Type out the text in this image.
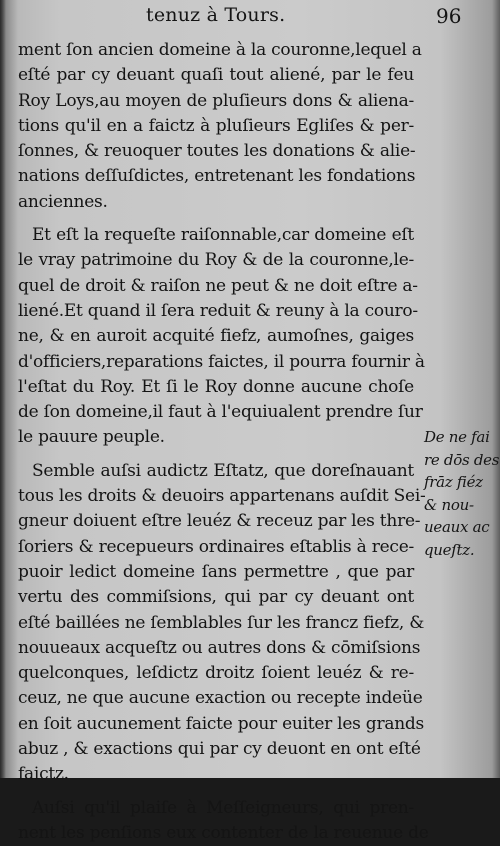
tenuz à Tours.	96
ment ſon ancien domeine à la couronne,lequel a
eſté par cy deuant quaſi tout aliené, par le feu
Roy Loys,au moyen de pluſieurs dons & aliena-
tions qu'il en a faictz à pluſieurs Egliſes & per-
ſonnes, & reuoquer toutes les donations & alie-
nations deſſuſdictes, entretenant les fondations
anciennes.
Et eſt la requeſte raiſonnable,car domeine eſt
le vray patrimoine du Roy & de la couronne,le-
quel de droit & raiſon ne peut & ne doit eſtre a-
liené.Et quand il ſera reduit & reuny à la couro-
ne, & en auroit acquité fiefz, aumoſnes, gaiges
d'officiers,reparations faictes, il pourra fournir à
l'eſtat du Roy. Et ſi le Roy donne aucune choſe
de ſon domeine,il faut à l'equiualent prendre ſur
le pauure peuple.
Semble auſsi audictz Eſtatz, que doreſnauant
tous les droits & deuoirs appartenans auſdit Sei-
gneur doiuent eſtre leuéz & receuz par les thre-
ſoriers & recepueurs ordinaires eſtablis à rece-
puoir ledict domeine ſans permettre , que par
vertu des commiſsions, qui par cy deuant ont
eſté baillées ne ſemblables ſur les francz fiefz, &
nouueaux acqueſtz ou autres dons & cōmiſsions
quelconques, leſdictz droitz ſoient leuéz & re-
ceuz, ne que aucune exaction ou recepte indeüe
en ſoit aucunement faicte pour euiter les grands
abuz , & exactions qui par cy deuont en ont eſté
faictz.
Auſsi qu'il plaiſe à Meſſeigneurs, qui pren-
nent les penſions eux contenter de la reuenue de
De ne fai
re dōs des
frāz fiéz
& nou-
ueaux ac
queſtz.
